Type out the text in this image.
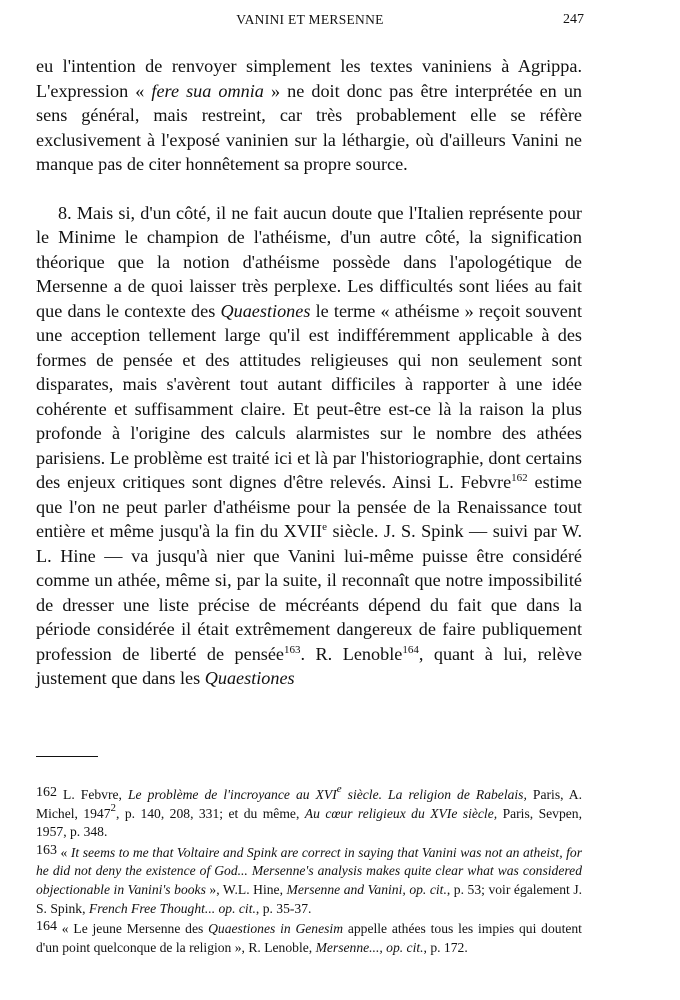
VANINI ET MERSENNE	247

eu l'intention de renvoyer simplement les textes vaniniens à Agrippa. L'expression « fere sua omnia » ne doit donc pas être interprétée en un sens général, mais restreint, car très probablement elle se réfère exclusivement à l'exposé vaninien sur la léthargie, où d'ailleurs Vanini ne manque pas de citer honnêtement sa propre source.

8. Mais si, d'un côté, il ne fait aucun doute que l'Italien représente pour le Minime le champion de l'athéisme, d'un autre côté, la signification théorique que la notion d'athéisme possède dans l'apologétique de Mersenne a de quoi laisser très perplexe. Les difficultés sont liées au fait que dans le contexte des Quaestiones le terme « athéisme » reçoit souvent une acception tellement large qu'il est indifféremment applicable à des formes de pensée et des attitudes religieuses qui non seulement sont disparates, mais s'avèrent tout autant difficiles à rapporter à une idée cohérente et suffisamment claire. Et peut-être est-ce là la raison la plus profonde à l'origine des calculs alarmistes sur le nombre des athées parisiens. Le problème est traité ici et là par l'historiographie, dont certains des enjeux critiques sont dignes d'être relevés. Ainsi L. Febvre$^{162}$ estime que l'on ne peut parler d'athéisme pour la pensée de la Renaissance tout entière et même jusqu'à la fin du XVIIe siècle. J. S. Spink — suivi par W. L. Hine — va jusqu'à nier que Vanini lui-même puisse être considéré comme un athée, même si, par la suite, il reconnaît que notre impossibilité de dresser une liste précise de mécréants dépend du fait que dans la période considérée il était extrêmement dangereux de faire publiquement profession de liberté de pensée$^{163}$. R. Lenoble$^{164}$, quant à lui, relève justement que dans les Quaestiones

162 L. Febvre, Le problème de l'incroyance au XVIe siècle. La religion de Rabelais, Paris, A. Michel, 1947$^2$, p. 140, 208, 331; et du même, Au cœur religieux du XVIe siècle, Paris, Sevpen, 1957, p. 348.

163 « It seems to me that Voltaire and Spink are correct in saying that Vanini was not an atheist, for he did not deny the existence of God... Mersenne's analysis makes quite clear what was considered objectionable in Vanini's books », W.L. Hine, Mersenne and Vanini, op. cit., p. 53; voir également J. S. Spink, French Free Thought... op. cit., p. 35-37.

164 « Le jeune Mersenne des Quaestiones in Genesim appelle athées tous les impies qui doutent d'un point quelconque de la religion », R. Lenoble, Mersenne..., op. cit., p. 172.
